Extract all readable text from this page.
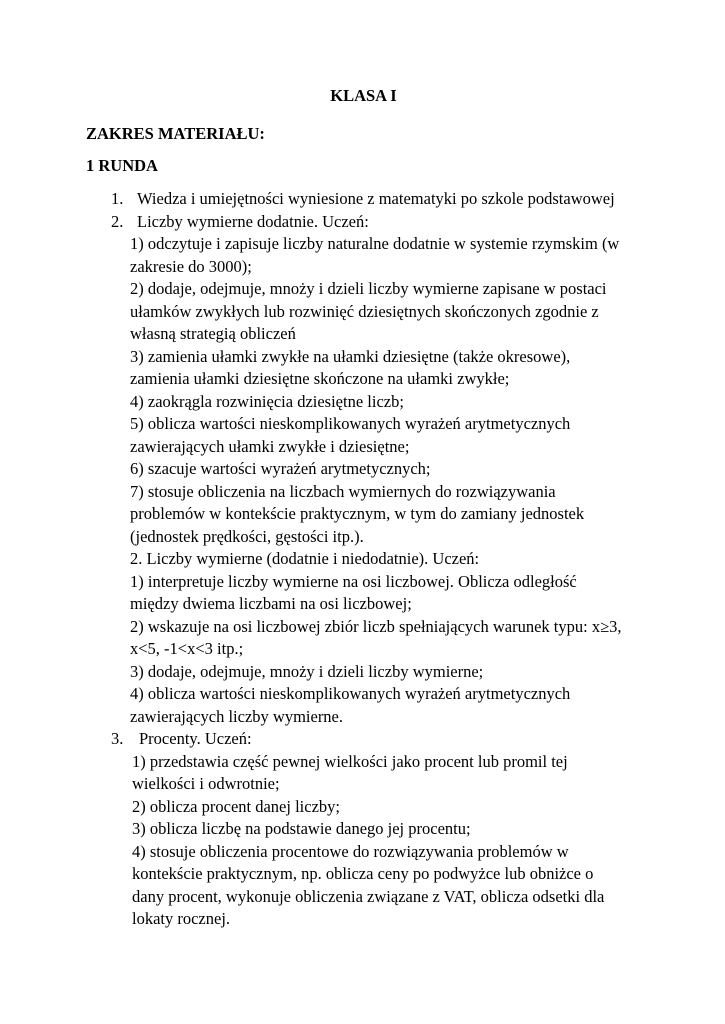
KLASA I
ZAKRES MATERIAŁU:
1 RUNDA
1. Wiedza i umiejętności wyniesione z matematyki po szkole podstawowej
2. Liczby wymierne dodatnie. Uczeń:
1) odczytuje i zapisuje liczby naturalne dodatnie w systemie rzymskim (w
zakresie do 3000);
2) dodaje, odejmuje, mnoży i dzieli liczby wymierne zapisane w postaci
ułamków zwykłych lub rozwinięć dziesiętnych skończonych zgodnie z
własną strategią obliczeń
3) zamienia ułamki zwykłe na ułamki dziesiętne (także okresowe),
zamienia ułamki dziesiętne skończone na ułamki zwykłe;
4) zaokrągla rozwinięcia dziesiętne liczb;
5) oblicza wartości nieskomplikowanych wyrażeń arytmetycznych
zawierających ułamki zwykłe i dziesiętne;
6) szacuje wartości wyrażeń arytmetycznych;
7) stosuje obliczenia na liczbach wymiernych do rozwiązywania
problemów w kontekście praktycznym, w tym do zamiany jednostek
(jednostek prędkości, gęstości itp.).
2. Liczby wymierne (dodatnie i niedodatnie). Uczeń:
1) interpretuje liczby wymierne na osi liczbowej. Oblicza odległość
między dwiema liczbami na osi liczbowej;
2) wskazuje na osi liczbowej zbiór liczb spełniających warunek typu: x≥3,
x<5, -1<x<3 itp.;
3) dodaje, odejmuje, mnoży i dzieli liczby wymierne;
4) oblicza wartości nieskomplikowanych wyrażeń arytmetycznych
zawierających liczby wymierne.
3. Procenty. Uczeń:
1) przedstawia część pewnej wielkości jako procent lub promil tej
wielkości i odwrotnie;
2) oblicza procent danej liczby;
3) oblicza liczbę na podstawie danego jej procentu;
4) stosuje obliczenia procentowe do rozwiązywania problemów w
kontekście praktycznym, np. oblicza ceny po podwyżce lub obniżce o
dany procent, wykonuje obliczenia związane z VAT, oblicza odsetki dla
lokaty rocznej.
